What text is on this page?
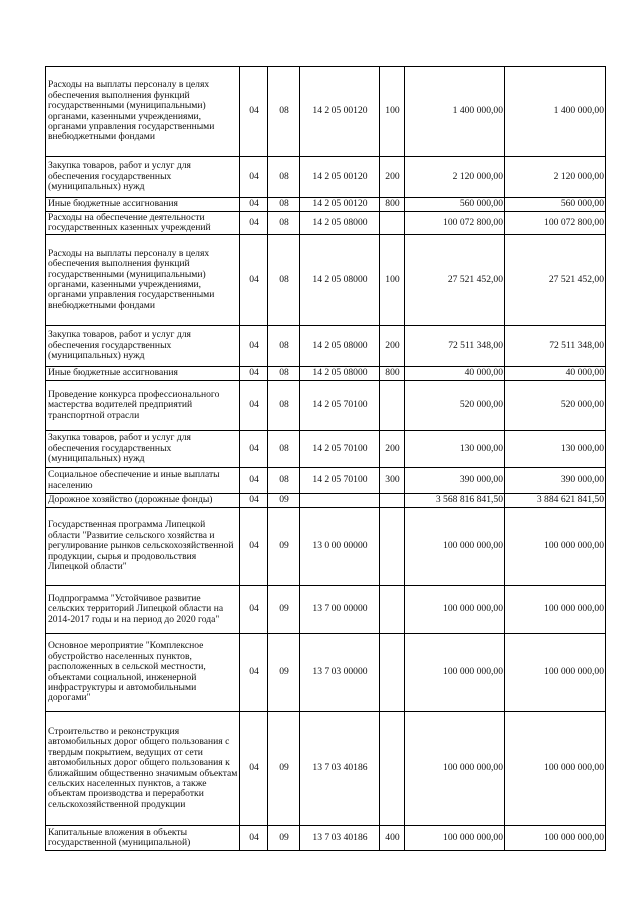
Расходы на выплаты персоналу в целях обеспечения выполнения функций государственными (муниципальными) органами, казенными учреждениями, органами управления государственными внебюджетными фондами	04	08	14 2 05 00120	100	1 400 000,00	1 400 000,00
Закупка товаров, работ и услуг для обеспечения государственных (муниципальных) нужд	04	08	14 2 05 00120	200	2 120 000,00	2 120 000,00
Иные бюджетные ассигнования	04	08	14 2 05 00120	800	560 000,00	560 000,00
Расходы на обеспечение деятельности государственных казенных учреждений	04	08	14 2 05 08000		100 072 800,00	100 072 800,00
Расходы на выплаты персоналу в целях обеспечения выполнения функций государственными (муниципальными) органами, казенными учреждениями, органами управления государственными внебюджетными фондами	04	08	14 2 05 08000	100	27 521 452,00	27 521 452,00
Закупка товаров, работ и услуг для обеспечения государственных (муниципальных) нужд	04	08	14 2 05 08000	200	72 511 348,00	72 511 348,00
Иные бюджетные ассигнования	04	08	14 2 05 08000	800	40 000,00	40 000,00
Проведение конкурса профессионального мастерства водителей предприятий транспортной отрасли	04	08	14 2 05 70100		520 000,00	520 000,00
Закупка товаров, работ и услуг для обеспечения государственных (муниципальных) нужд	04	08	14 2 05 70100	200	130 000,00	130 000,00
Социальное обеспечение и иные выплаты населению	04	08	14 2 05 70100	300	390 000,00	390 000,00
Дорожное хозяйство (дорожные фонды)	04	09			3 568 816 841,50	3 884 621 841,50
Государственная программа Липецкой области "Развитие сельского хозяйства и регулирование рынков сельскохозяйственной продукции, сырья и продовольствия Липецкой области"	04	09	13 0 00 00000		100 000 000,00	100 000 000,00
Подпрограмма "Устойчивое развитие сельских территорий Липецкой области на 2014-2017 годы и на период до 2020 года"	04	09	13 7 00 00000		100 000 000,00	100 000 000,00
Основное мероприятие "Комплексное обустройство населенных пунктов, расположенных в сельской местности, объектами социальной, инженерной инфраструктуры и автомобильными дорогами"	04	09	13 7 03 00000		100 000 000,00	100 000 000,00
Строительство и реконструкция автомобильных дорог общего пользования с твердым покрытием, ведущих от сети автомобильных дорог общего пользования к ближайшим общественно значимым объектам сельских населенных пунктов, а также объектам производства и переработки сельскохозяйственной продукции	04	09	13 7 03 40186		100 000 000,00	100 000 000,00
Капитальные вложения в объекты государственной (муниципальной)	04	09	13 7 03 40186	400	100 000 000,00	100 000 000,00
